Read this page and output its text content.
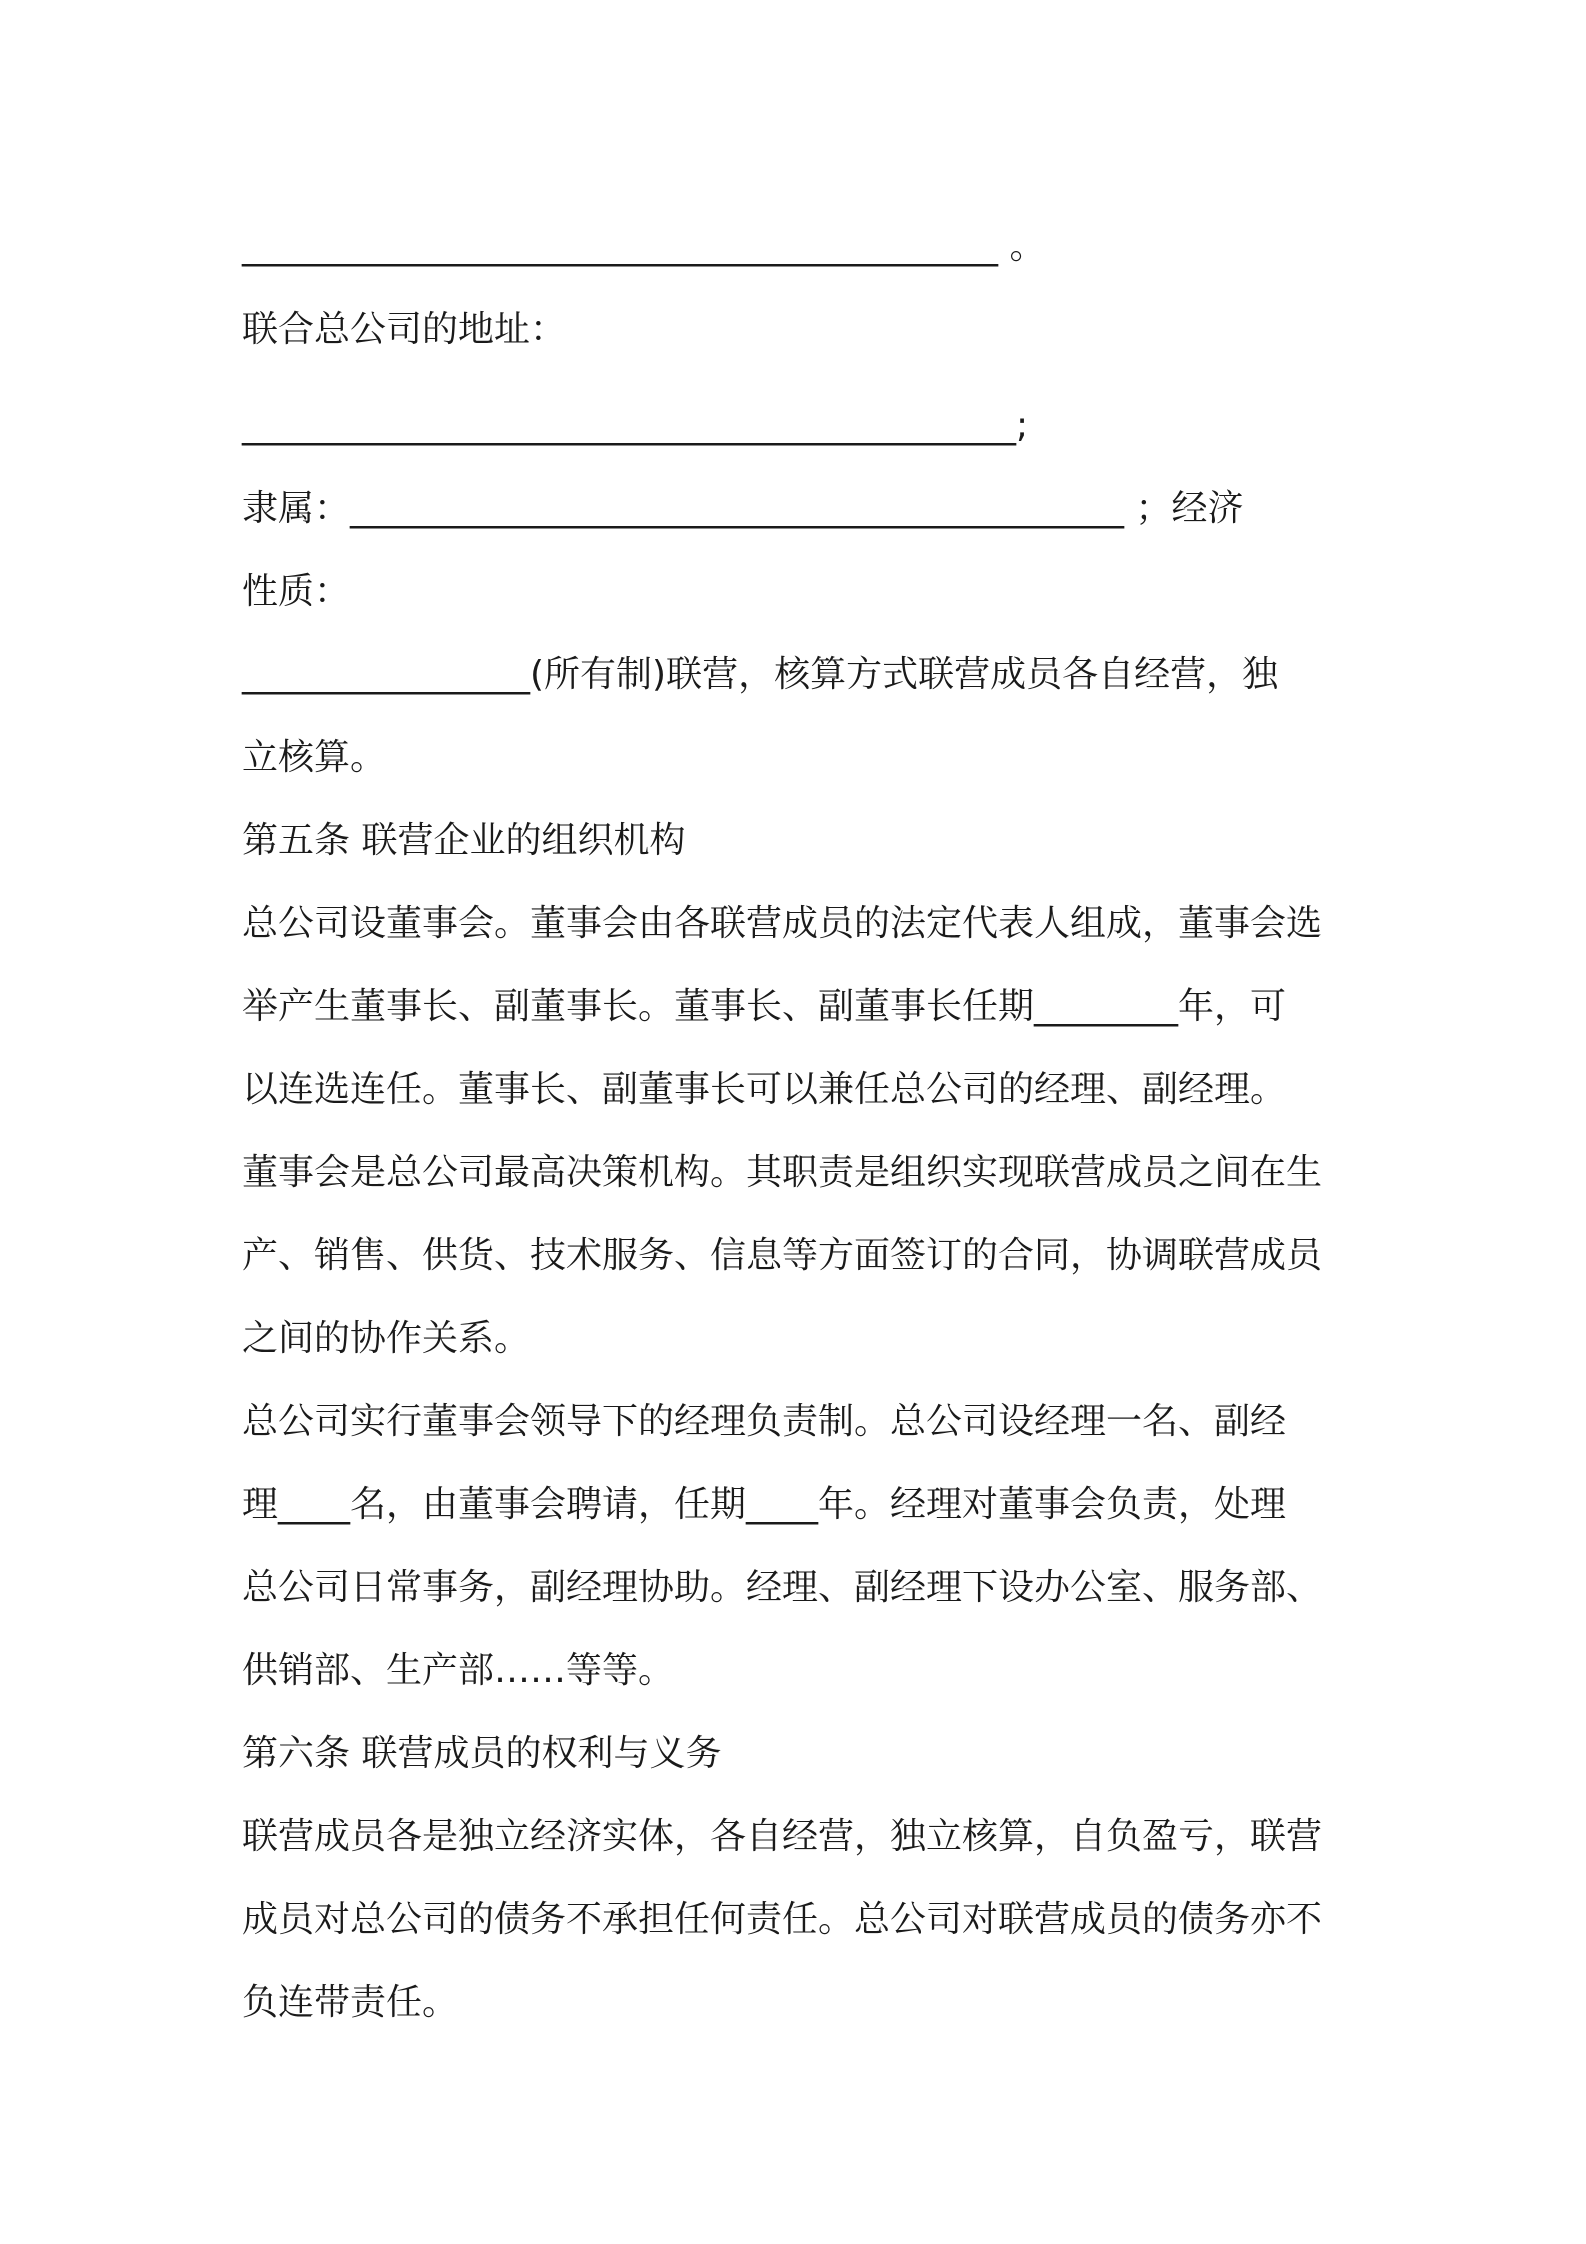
__________________________________________ 。
联合总公司的地址：
___________________________________________;
隶属：___________________________________________ ；经济
性质：
________________(所有制)联营，核算方式联营成员各自经营，独
立核算。
第五条 联营企业的组织机构
总公司设董事会。董事会由各联营成员的法定代表人组成，董事会选
举产生董事长、副董事长。董事长、副董事长任期________年，可
以连选连任。董事长、副董事长可以兼任总公司的经理、副经理。
董事会是总公司最高决策机构。其职责是组织实现联营成员之间在生
产、销售、供货、技术服务、信息等方面签订的合同，协调联营成员
之间的协作关系。
总公司实行董事会领导下的经理负责制。总公司设经理一名、副经
理____名，由董事会聘请，任期____年。经理对董事会负责，处理
总公司日常事务，副经理协助。经理、副经理下设办公室、服务部、
供销部、生产部……等等。
第六条 联营成员的权利与义务
联营成员各是独立经济实体，各自经营，独立核算，自负盈亏，联营
成员对总公司的债务不承担任何责任。总公司对联营成员的债务亦不
负连带责任。
